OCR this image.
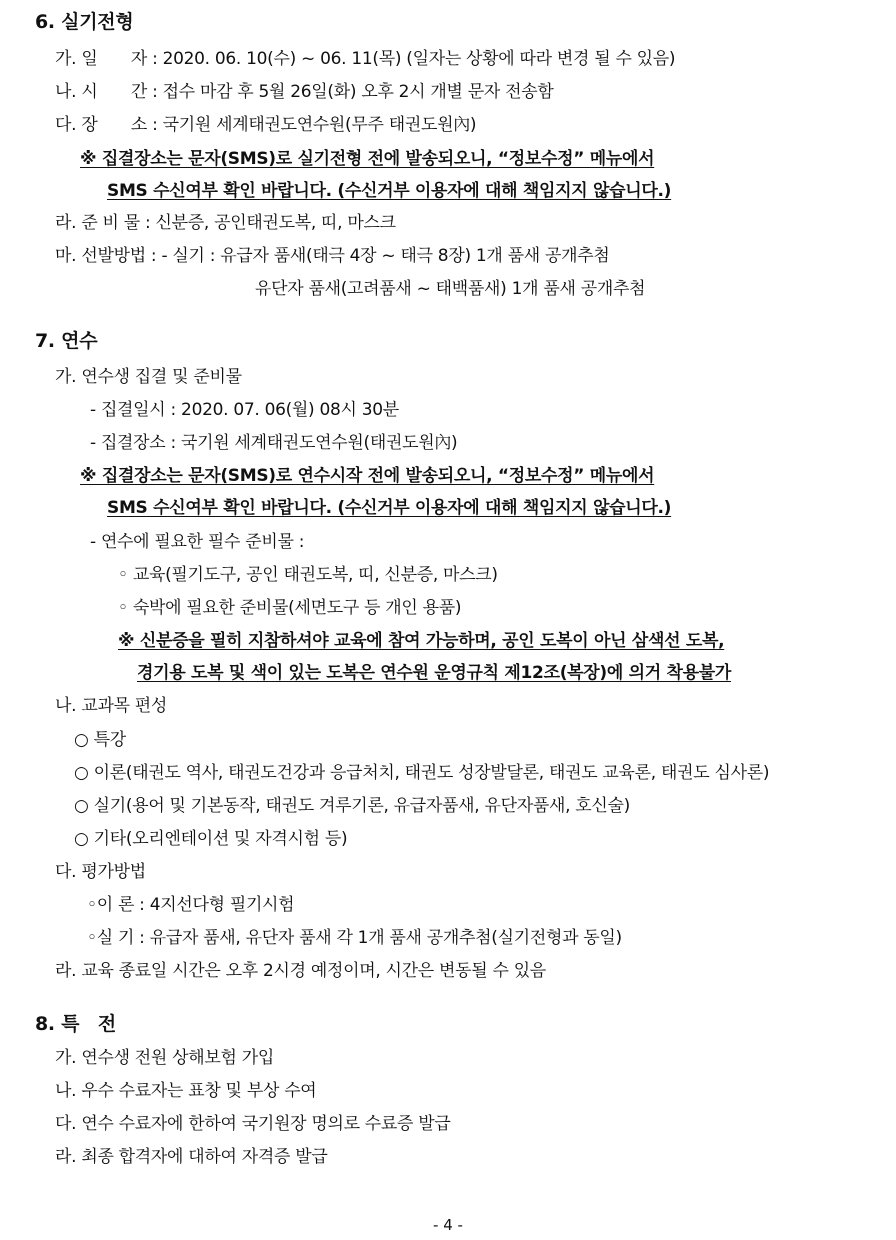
6. 실기전형
가. 일　　자 : 2020. 06. 10(수) ~ 06. 11(목) (일자는 상황에 따라 변경 될 수 있음)
나. 시　　간 : 접수 마감 후 5월 26일(화) 오후 2시 개별 문자 전송함
다. 장　　소 : 국기원 세계태권도연수원(무주 태권도원內)
※ 집결장소는 문자(SMS)로 실기전형 전에 발송되오니, “정보수정” 메뉴에서
SMS 수신여부 확인 바랍니다. (수신거부 이용자에 대해 책임지지 않습니다.)
라. 준 비 물 : 신분증, 공인태권도복, 띠, 마스크
마. 선발방법 : - 실기 : 유급자 품새(태극 4장 ~ 태극 8장) 1개 품새 공개추첨
유단자 품새(고려품새 ~ 태백품새) 1개 품새 공개추첨
7. 연수
가. 연수생 집결 및 준비물
- 집결일시 : 2020. 07. 06(월) 08시 30분
- 집결장소 : 국기원 세계태권도연수원(태권도원內)
※ 집결장소는 문자(SMS)로 연수시작 전에 발송되오니, “정보수정” 메뉴에서
SMS 수신여부 확인 바랍니다. (수신거부 이용자에 대해 책임지지 않습니다.)
- 연수에 필요한 필수 준비물 :
◦ 교육(필기도구, 공인 태권도복, 띠, 신분증, 마스크)
◦ 숙박에 필요한 준비물(세면도구 등 개인 용품)
※ 신분증을 필히 지참하셔야 교육에 참여 가능하며, 공인 도복이 아닌 삼색선 도복,
경기용 도복 및 색이 있는 도복은 연수원 운영규칙 제12조(복장)에 의거 착용불가
나. 교과목 편성
○ 특강
○ 이론(태권도 역사, 태권도건강과 응급처치, 태권도 성장발달론, 태권도 교육론, 태권도 심사론)
○ 실기(용어 및 기본동작, 태권도 겨루기론, 유급자품새, 유단자품새, 호신술)
○ 기타(오리엔테이션 및 자격시험 등)
다. 평가방법
◦이 론 : 4지선다형 필기시험
◦실 기 : 유급자 품새, 유단자 품새 각 1개 품새 공개추첨(실기전형과 동일)
라. 교육 종료일 시간은 오후 2시경 예정이며, 시간은 변동될 수 있음
8. 특　전
가. 연수생 전원 상해보험 가입
나. 우수 수료자는 표창 및 부상 수여
다. 연수 수료자에 한하여 국기원장 명의로 수료증 발급
라. 최종 합격자에 대하여 자격증 발급
- 4 -
